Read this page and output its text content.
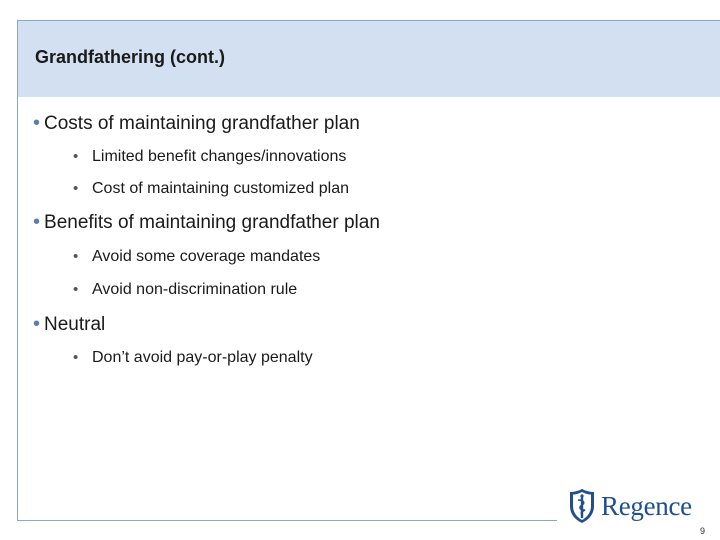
Grandfathering (cont.)
• Costs of maintaining grandfather plan
• Limited benefit changes/innovations
• Cost of maintaining customized plan
• Benefits of maintaining grandfather plan
• Avoid some coverage mandates
• Avoid non-discrimination rule
• Neutral
• Don’t avoid pay-or-play penalty
Regence
9
